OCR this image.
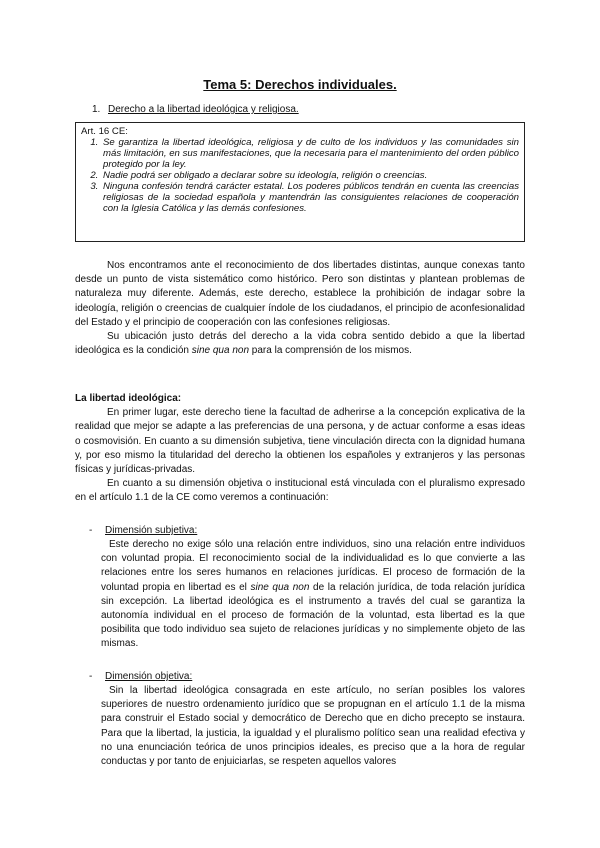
Tema 5: Derechos individuales.
1. Derecho a la libertad ideológica y religiosa.
Art. 16 CE:
1. Se garantiza la libertad ideológica, religiosa y de culto de los individuos y las comunidades sin más limitación, en sus manifestaciones, que la necesaria para el mantenimiento del orden público protegido por la ley.
2. Nadie podrá ser obligado a declarar sobre su ideología, religión o creencias.
3. Ninguna confesión tendrá carácter estatal. Los poderes públicos tendrán en cuenta las creencias religiosas de la sociedad española y mantendrán las consiguientes relaciones de cooperación con la Iglesia Católica y las demás confesiones.

Nos encontramos ante el reconocimiento de dos libertades distintas, aunque conexas tanto desde un punto de vista sistemático como histórico. Pero son distintas y plantean problemas de naturaleza muy diferente. Además, este derecho, establece la prohibición de indagar sobre la ideología, religión o creencias de cualquier índole de los ciudadanos, el principio de aconfesionalidad del Estado y el principio de cooperación con las confesiones religiosas.

Su ubicación justo detrás del derecho a la vida cobra sentido debido a que la libertad ideológica es la condición sine qua non para la comprensión de los mismos.

La libertad ideológica:

En primer lugar, este derecho tiene la facultad de adherirse a la concepción explicativa de la realidad que mejor se adapte a las preferencias de una persona, y de actuar conforme a esas ideas o cosmovisión. En cuanto a su dimensión subjetiva, tiene vinculación directa con la dignidad humana y, por eso mismo la titularidad del derecho la obtienen los españoles y extranjeros y las personas físicas y jurídicas-privadas.

En cuanto a su dimensión objetiva o institucional está vinculada con el pluralismo expresado en el artículo 1.1 de la CE como veremos a continuación:

- Dimensión subjetiva:

Este derecho no exige sólo una relación entre individuos, sino una relación entre individuos con voluntad propia. El reconocimiento social de la individualidad es lo que convierte a las relaciones entre los seres humanos en relaciones jurídicas. El proceso de formación de la voluntad propia en libertad es el sine qua non de la relación jurídica, de toda relación jurídica sin excepción. La libertad ideológica es el instrumento a través del cual se garantiza la autonomía individual en el proceso de formación de la voluntad, esta libertad es la que posibilita que todo individuo sea sujeto de relaciones jurídicas y no simplemente objeto de las mismas.

- Dimensión objetiva:

Sin la libertad ideológica consagrada en este artículo, no serían posibles los valores superiores de nuestro ordenamiento jurídico que se propugnan en el artículo 1.1 de la misma para construir el Estado social y democrático de Derecho que en dicho precepto se instaura. Para que la libertad, la justicia, la igualdad y el pluralismo político sean una realidad efectiva y no una enunciación teórica de unos principios ideales, es preciso que a la hora de regular conductas y por tanto de enjuiciarlas, se respeten aquellos valores
